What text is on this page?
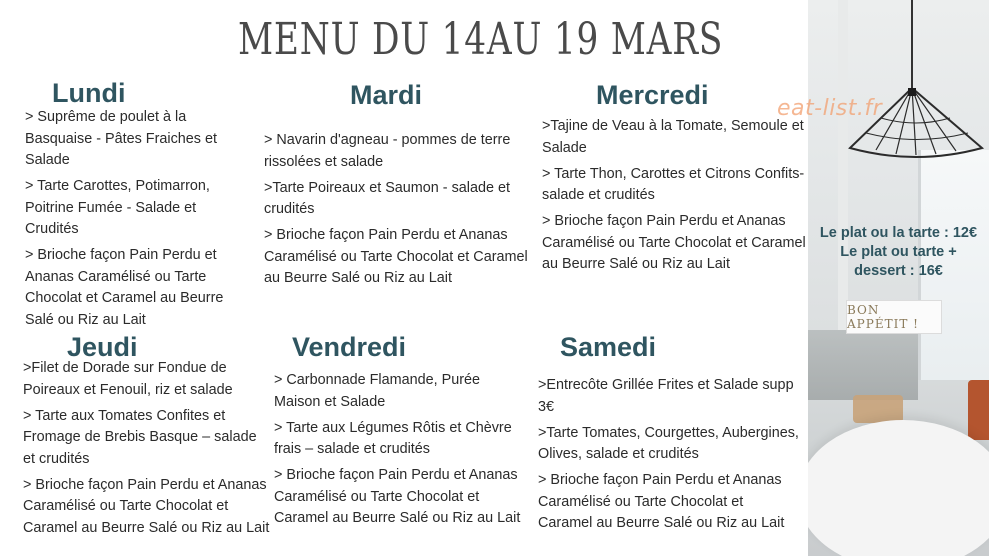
MENU DU 14AU 19 MARS
Lundi

> Suprême de poulet à la Basquaise - Pâtes Fraiches et Salade

> Tarte Carottes, Potimarron, Poitrine Fumée - Salade et Crudités

> Brioche façon Pain Perdu et Ananas Caramélisé ou Tarte Chocolat et Caramel au Beurre Salé ou Riz au Lait

Mardi

> Navarin d'agneau - pommes de terre rissolées et salade

>Tarte Poireaux et Saumon - salade et crudités

> Brioche façon Pain Perdu et Ananas Caramélisé ou Tarte Chocolat et Caramel au Beurre Salé ou Riz au Lait

Mercredi

>Tajine de Veau à la Tomate, Semoule et Salade

> Tarte Thon, Carottes et Citrons Confits- salade et crudités

> Brioche façon Pain Perdu et Ananas Caramélisé ou Tarte Chocolat et Caramel au Beurre Salé ou Riz au Lait

Jeudi

>Filet de Dorade sur Fondue de Poireaux et Fenouil, riz et salade

> Tarte aux Tomates Confites et Fromage de Brebis Basque – salade et crudités

> Brioche façon Pain Perdu et Ananas Caramélisé ou Tarte Chocolat et Caramel au Beurre Salé ou Riz au Lait

Vendredi

> Carbonnade Flamande, Purée Maison et Salade

> Tarte aux Légumes Rôtis et Chèvre frais – salade et crudités

> Brioche façon Pain Perdu et Ananas Caramélisé ou Tarte Chocolat et Caramel au Beurre Salé ou Riz au Lait

Samedi

>Entrecôte Grillée Frites et Salade supp 3€

>Tarte Tomates, Courgettes, Aubergines, Olives, salade et crudités

> Brioche façon Pain Perdu et Ananas Caramélisé ou Tarte Chocolat et Caramel au Beurre Salé ou Riz au Lait

Le plat ou la tarte : 12€
Le plat ou tarte +
dessert : 16€
BON APPÉTIT !
eat-list.fr
